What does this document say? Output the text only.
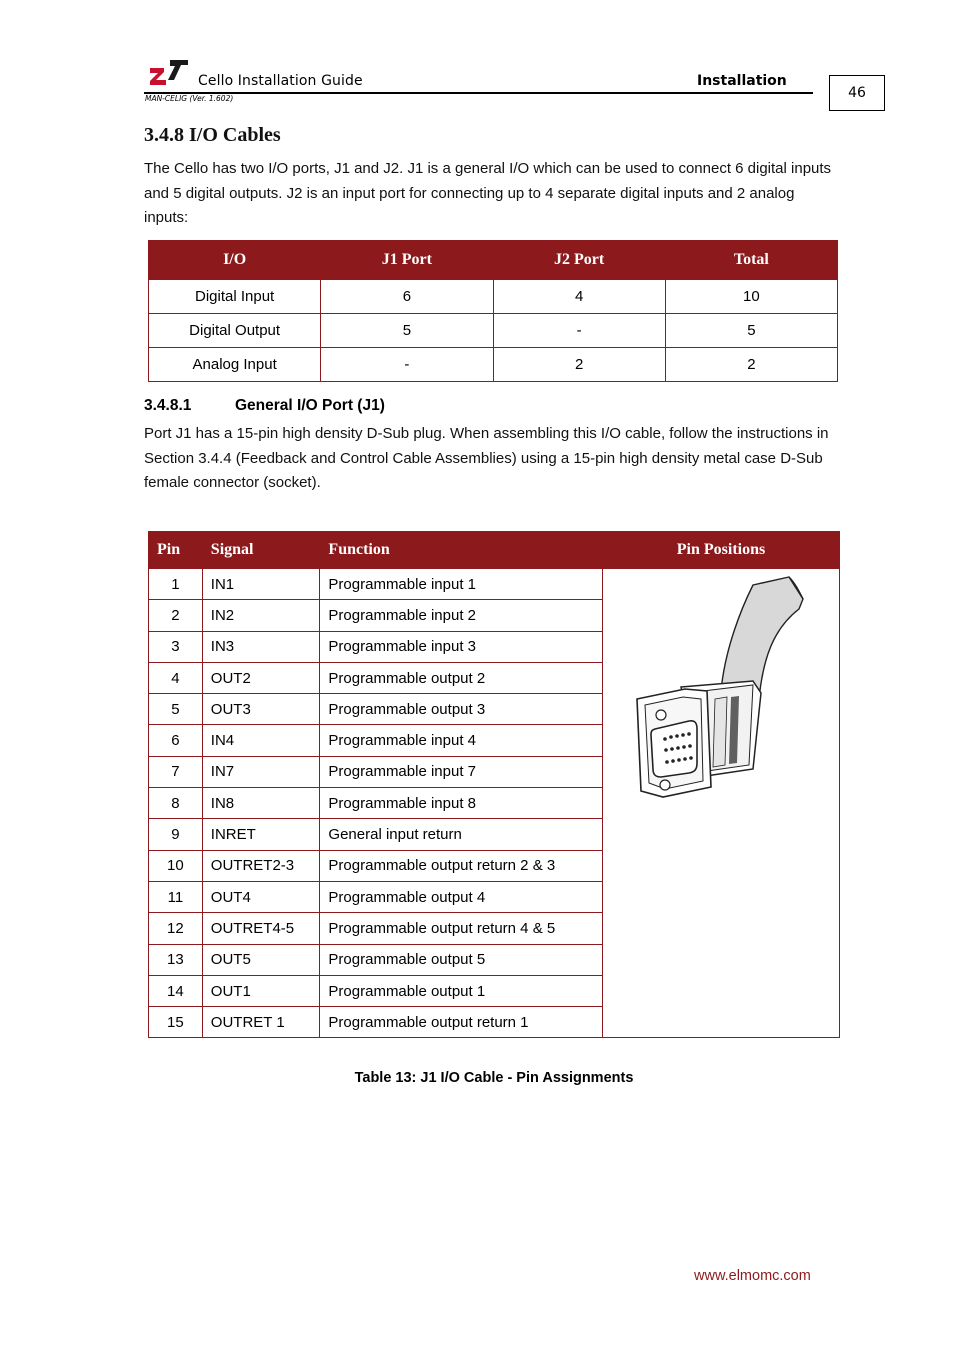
Cello Installation Guide	Installation
MAN-CELIG (Ver. 1.602)	46
3.4.8 I/O Cables
The Cello has two I/O ports, J1 and J2. J1 is a general I/O which can be used to connect 6 digital inputs and 5 digital outputs. J2 is an input port for connecting up to 4 separate digital inputs and 2 analog inputs:
I/O	J1 Port	J2 Port	Total
Digital Input	6	4	10
Digital Output	5	-	5
Analog Input	-	2	2
3.4.8.1	General I/O Port (J1)
Port J1 has a 15-pin high density D-Sub plug. When assembling this I/O cable, follow the instructions in Section 3.4.4 (Feedback and Control Cable Assemblies) using a 15-pin high density metal case D-Sub female connector (socket).
Pin	Signal	Function	Pin Positions
1	IN1	Programmable input 1	
2	IN2	Programmable input 2	
3	IN3	Programmable input 3	
4	OUT2	Programmable output 2	
5	OUT3	Programmable output 3	
6	IN4	Programmable input 4	
7	IN7	Programmable input 7	
8	IN8	Programmable input 8	
9	INRET	General input return	
10	OUTRET2-3	Programmable output return 2 & 3	
11	OUT4	Programmable output 4	
12	OUTRET4-5	Programmable output return 4 & 5	
13	OUT5	Programmable output 5	
14	OUT1	Programmable output 1	
15	OUTRET 1	Programmable output return 1	
Table 13: J1 I/O Cable - Pin Assignments
www.elmomc.com
